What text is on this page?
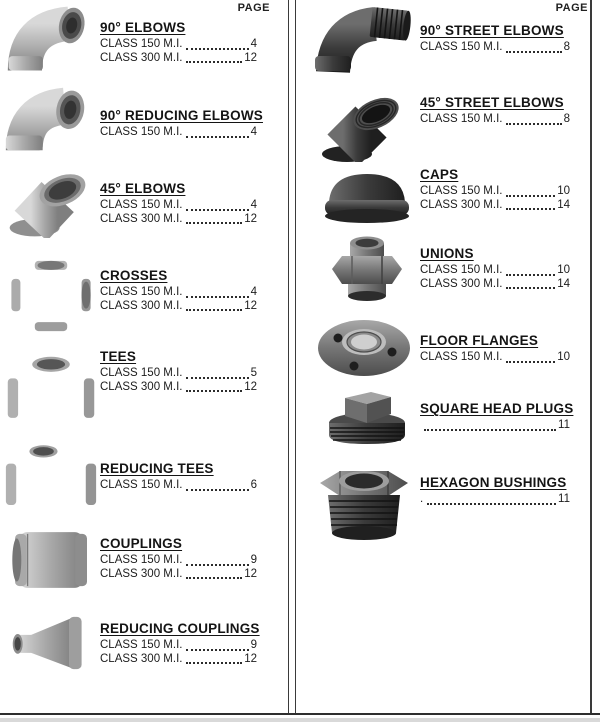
PAGE	PAGE
90° ELBOWS
CLASS 150 M.I.	4
CLASS 300 M.I.	12
90° REDUCING ELBOWS
CLASS 150 M.I.	4
45° ELBOWS
CLASS 150 M.I.	4
CLASS 300 M.I.	12
CROSSES
CLASS 150 M.I.	4
CLASS 300 M.I.	12
TEES
CLASS 150 M.I.	5
CLASS 300 M.I.	12
REDUCING TEES
CLASS 150 M.I.	6
COUPLINGS
CLASS 150 M.I.	9
CLASS 300 M.I.	12
REDUCING COUPLINGS
CLASS 150 M.I.	9
CLASS 300 M.I.	12
90° STREET ELBOWS
CLASS 150 M.I.	8
45° STREET ELBOWS
CLASS 150 M.I.	8
CAPS
CLASS 150 M.I.	10
CLASS 300 M.I.	14
UNIONS
CLASS 150 M.I.	10
CLASS 300 M.I.	14
FLOOR FLANGES
CLASS 150 M.I.	10
SQUARE HEAD PLUGS
11
HEXAGON BUSHINGS
.	11
